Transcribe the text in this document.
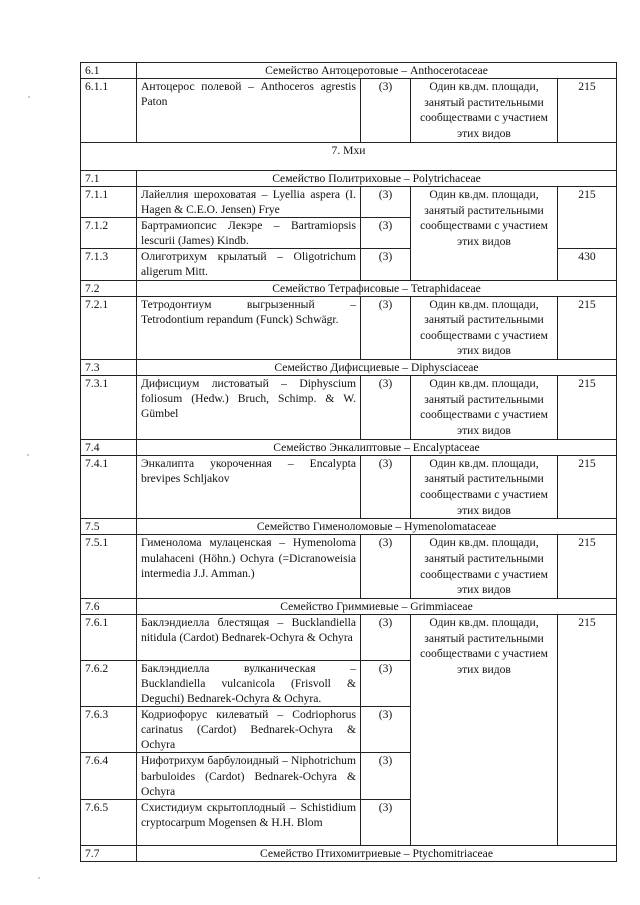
6.1	Семейство Антоцеротовые – Anthocerotaceae			
6.1.1	Антоцерос полевой – Anthoceros agrestis Paton	(3)	Один кв.дм. площади, занятый растительными сообществами с участием этих видов	215
7. Мхи				
7.1	Семейство Политриховые – Polytrichaceae			
7.1.1	Лайеллия шероховатая – Lyellia aspera (I. Hagen & C.E.O. Jensen) Frye	(3)	Один кв.дм. площади, занятый растительными сообществами с участием этих видов	215
7.1.2	Бартрамиопсис Лекэре – Bartramiopsis lescurii (James) Kindb.	(3)		
7.1.3	Олиготрихум крылатый – Oligotrichum aligerum Mitt.	(3)		430
7.2	Семейство Тетрафисовые – Tetraphidaceae			
7.2.1	Тетродонтиум выгрызенный – Tetrodontium repandum (Funck) Schwägr.	(3)	Один кв.дм. площади, занятый растительными сообществами с участием этих видов	215
7.3	Семейство Дифисциевые – Diphysciaceae			
7.3.1	Дифисциум листоватый – Diphyscium foliosum (Hedw.) Bruch, Schimp. & W. Gümbel	(3)	Один кв.дм. площади, занятый растительными сообществами с участием этих видов	215
7.4	Семейство Энкалиптовые – Encalyptaceae			
7.4.1	Энкалипта укороченная – Encalypta brevipes Schljakov	(3)	Один кв.дм. площади, занятый растительными сообществами с участием этих видов	215
7.5	Семейство Гименоломовые – Hymenolomataceae			
7.5.1	Гименолома мулаценская – Hymenoloma mulahaceni (Höhn.) Ochyra (=Dicranoweisia intermedia J.J. Amman.)	(3)	Один кв.дм. площади, занятый растительными сообществами с участием этих видов	215
7.6	Семейство Гриммиевые – Grimmiaceae			
7.6.1	Баклэндиелла блестящая – Bucklandiella nitidula (Cardot) Bednarek-Ochyra & Ochyra	(3)	Один кв.дм. площади, занятый растительными сообществами с участием этих видов	215
7.6.2	Баклэндиелла вулканическая – Bucklandiella vulcanicola (Frisvoll & Deguchi) Bednarek-Ochyra & Ochyra.	(3)		
7.6.3	Кодриофорус килеватый – Codriophorus carinatus (Cardot) Bednarek-Ochyra & Ochyra	(3)		
7.6.4	Нифотрихум барбулоидный – Niphotrichum barbuloides (Cardot) Bednarek-Ochyra & Ochyra	(3)		
7.6.5	Схистидиум скрытоплодный – Schistidium cryptocarpum Mogensen & H.H. Blom	(3)		
7.7	Семейство Птихомитриевые – Ptychomitriaceae			
